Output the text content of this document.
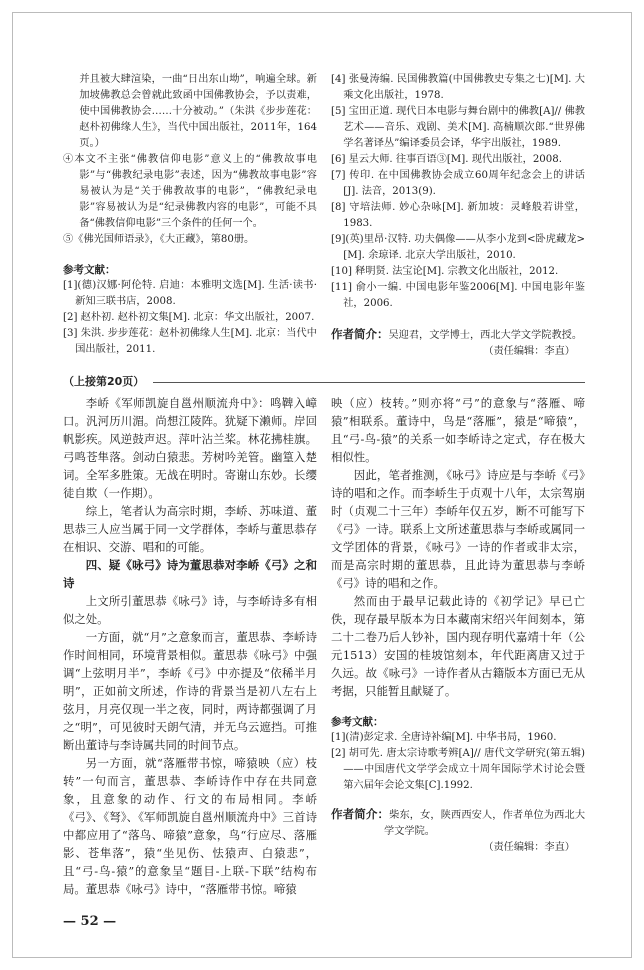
并且被大肆渲染，一曲“日出东山坳”，响遍全球。新加坡佛教总会曾就此致函中国佛教协会，予以责难，使中国佛教协会……十分被动。”（朱洪《步步莲花：赵朴初佛缘人生》，当代中国出版社，2011年，164页。）

④本文不主张“佛教信仰电影”意义上的“佛教故事电影”与“佛教纪录电影”表述，因为“佛教故事电影”容易被认为是“关于佛教故事的电影”，“佛教纪录电影”容易被认为是“纪录佛教内容的电影”，可能不具备“佛教信仰电影”三个条件的任何一个。

⑤《佛光国师语录》，《大正藏》，第80册。

参考文献：

[1](德)汉娜·阿伦特. 启迪：本雅明文选[M]. 生活·读书·新知三联书店，2008.

[2] 赵朴初. 赵朴初文集[M]. 北京：华文出版社，2007.

[3] 朱洪. 步步莲花：赵朴初佛缘人生[M]. 北京：当代中国出版社，2011.

[4] 张曼涛编. 民国佛教篇(中国佛教史专集之七)[M]. 大乘文化出版社，1978.

[5] 宝田正道. 现代日本电影与舞台剧中的佛教[A]// 佛教艺术——音乐、戏剧、美术[M]. 高楠顺次郎.“世界佛学名著译丛”编译委员会译，华宇出版社，1989.

[6] 星云大师. 往事百语③[M]. 现代出版社，2008.

[7] 传印. 在中国佛教协会成立60周年纪念会上的讲话[J]. 法音，2013(9).

[8] 守培法师. 妙心杂咏[M]. 新加坡：灵峰般若讲堂，1983.

[9](英)里昂·汉特. 功夫偶像——从李小龙到<卧虎藏龙>[M]. 余琼译. 北京大学出版社，2010.

[10] 释明贤. 法宝论[M]. 宗教文化出版社，2012.

[11] 俞小一编. 中国电影年鉴2006[M]. 中国电影年鉴社，2006.

作者简介：吴迎君，文学博士，西北大学文学院教授。

（责任编辑：李直）

（上接第20页）

李峤《军师凯旋自邕州顺流舟中》：鸣鞞入嶂口。汎河历川湄。尚想江陵阵。犹疑下濑师。岸回帆影疾。风逆鼓声迟。萍叶沾兰桨。林花拂桂旗。弓鸣苍隼落。剑动白猿悲。芳树吟羌管。幽篁入楚词。全军多胜策。无战在明时。寄谢山东妙。长缨徒自欺（一作期）。

综上，笔者认为高宗时期，李峤、苏味道、董思恭三人应当属于同一文学群体，李峤与董思恭存在相识、交游、唱和的可能。

四、疑《咏弓》诗为董思恭对李峤《弓》之和诗

上文所引董思恭《咏弓》诗，与李峤诗多有相似之处。

一方面，就“月”之意象而言，董思恭、李峤诗作时间相同，环境背景相似。董思恭《咏弓》中强调“上弦明月半”，李峤《弓》中亦提及“依稀半月明”，正如前文所述，作诗的背景当是初八左右上弦月，月亮仅现一半之夜，同时，两诗都强调了月之“明”，可见彼时天朗气清，并无乌云遮挡。可推断出董诗与李诗属共同的时间节点。

另一方面，就“落雁带书惊，啼猿映（应）枝转”一句而言，董思恭、李峤诗作中存在共同意象，且意象的动作、行文的布局相同。李峤《弓》、《弩》、《军师凯旋自邕州顺流舟中》三首诗中都应用了“落鸟、啼猿”意象，鸟“行应尽、落雁影、苍隼落”，猿“坐见伤、怯猿声、白猿悲”，且“弓-鸟-猿”的意象呈“题目-上联-下联”结构布局。董思恭《咏弓》诗中，“落雁带书惊。啼猿

映（应）枝转。”则亦将“弓”的意象与“落雁、啼猿”相联系。董诗中，鸟是“落雁”，猿是“啼猿”，且“弓-鸟-猿”的关系一如李峤诗之定式，存在极大相似性。

因此，笔者推测，《咏弓》诗应是与李峤《弓》诗的唱和之作。而李峤生于贞观十八年，太宗驾崩时（贞观二十三年）李峤年仅五岁，断不可能写下《弓》一诗。联系上文所述董思恭与李峤或属同一文学团体的背景，《咏弓》一诗的作者或非太宗，而是高宗时期的董思恭，且此诗为董思恭与李峤《弓》诗的唱和之作。

然而由于最早记载此诗的《初学记》早已亡佚，现存最早版本为日本藏南宋绍兴年间刻本，第二十二卷乃后人钞补，国内现存明代嘉靖十年（公元1513）安国的桂坡馆刻本，年代距离唐又过于久远。故《咏弓》一诗作者从古籍版本方面已无从考据，只能暂且献疑了。

参考文献：

[1](清)彭定求. 全唐诗补编[M]. 中华书局，1960.

[2] 胡可先. 唐太宗诗歌考辨[A]// 唐代文学研究(第五辑)——中国唐代文学学会成立十周年国际学术讨论会暨第六届年会论文集[C].1992.

作者简介：柴东，女，陕西西安人，作者单位为西北大学文学院。

（责任编辑：李直）

— 52 —
